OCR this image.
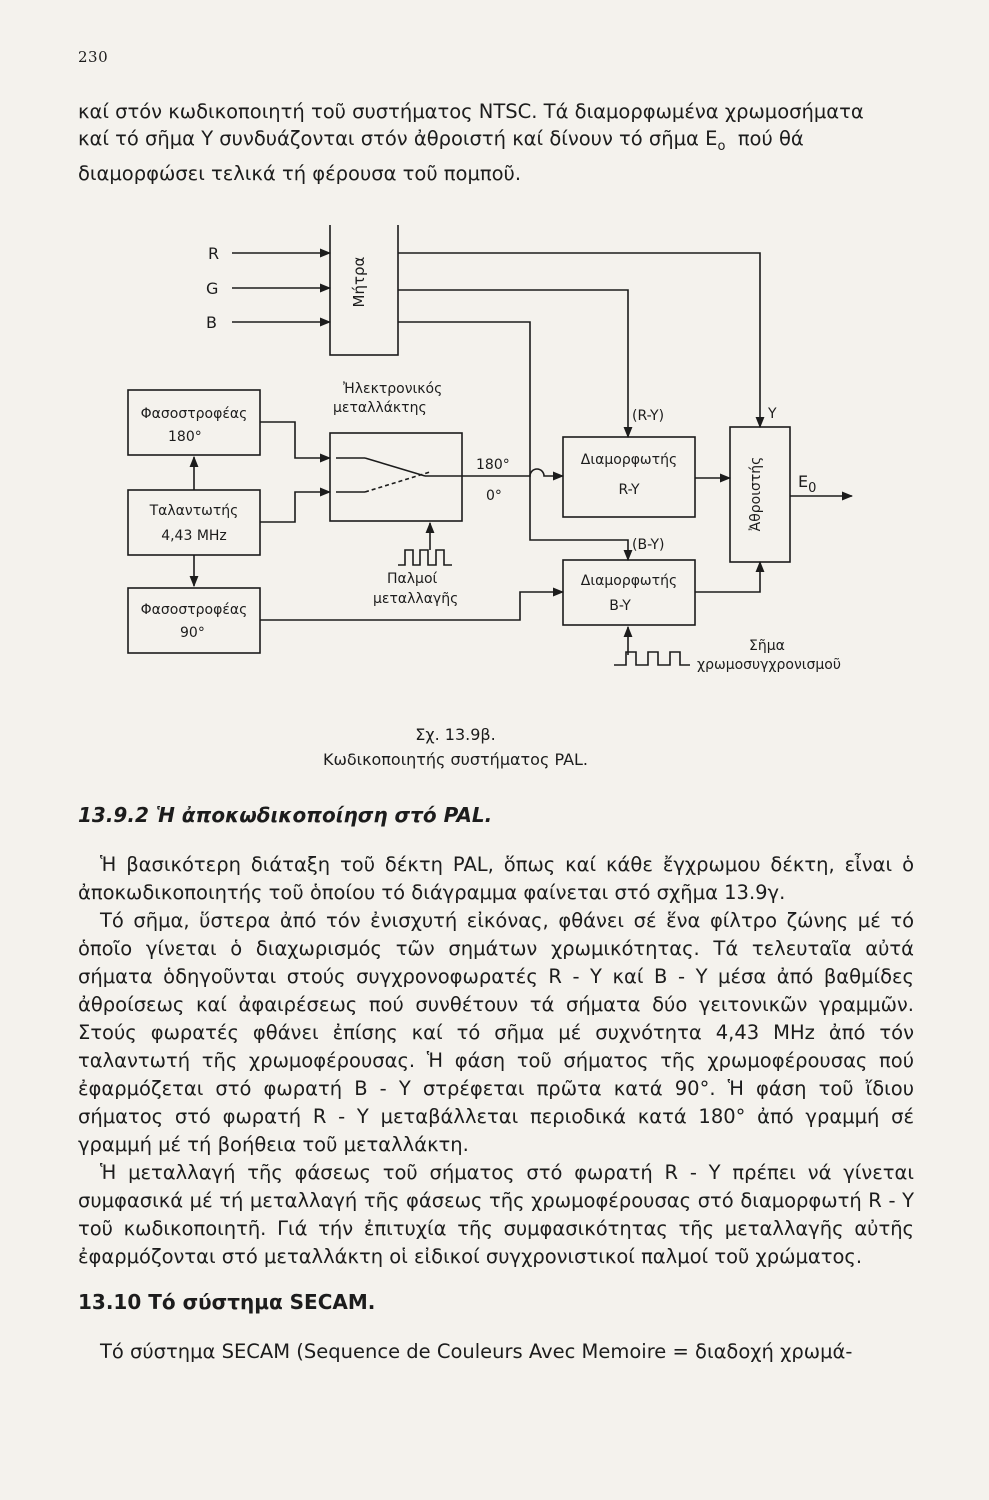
230

καί στόν κωδικοποιητή τοῦ συστήματος NTSC. Τά διαμορφωμένα χρωμοσήματα

καί τό σῆμα Y συνδυάζονται στόν ἀθροιστή καί δίνουν τό σῆμα $E_o$ πού θά

διαμορφώσει τελικά τή φέρουσα τοῦ πομποῦ.

R
G
B
Μήτρα
Ἠλεκτρονικός
μεταλλάκτης
180°
0°
Φασοστροφέας
180°
Ταλαντωτής
4,43 MHz
Φασοστροφέας
90°
Παλμοί
μεταλλαγῆς
Διαμορφωτής
R-Y
Διαμορφωτής
B-Y
(R-Y)
(B-Y)
Y
Ἀθροιστής $E_0$
Σῆμα
χρωμοσυγχρονισμοῦ
Σχ. 13.9β.
Κωδικοποιητής συστήματος PAL.
13.9.2 Ἡ ἀποκωδικοποίηση στό PAL.

Ἡ βασικότερη διάταξη τοῦ δέκτη PAL, ὅπως καί κάθε ἔγχρωμου δέκτη, εἶναι ὁ ἀποκωδικοποιητής τοῦ ὁποίου τό διάγραμμα φαίνεται στό σχῆμα 13.9γ.

Τό σῆμα, ὕστερα ἀπό τόν ἐνισχυτή εἰκόνας, φθάνει σέ ἕνα φίλτρο ζώνης μέ τό ὁποῖο γίνεται ὁ διαχωρισμός τῶν σημάτων χρωμικότητας. Τά τελευταῖα αὐτά σήματα ὁδηγοῦνται στούς συγχρονοφωρατές R - Y καί B - Y μέσα ἀπό βαθμίδες ἀθροίσεως καί ἀφαιρέσεως πού συνθέτουν τά σήματα δύο γειτονικῶν γραμμῶν. Στούς φωρατές φθάνει ἐπίσης καί τό σῆμα μέ συχνότητα 4,43 MHz ἀπό τόν ταλαντωτή τῆς χρωμοφέρουσας. Ἡ φάση τοῦ σήματος τῆς χρωμοφέρουσας πού ἐφαρμόζεται στό φωρατή B - Y στρέφεται πρῶτα κατά 90°. Ἡ φάση τοῦ ἴδιου σήματος στό φωρατή R - Y μεταβάλλεται περιοδικά κατά 180° ἀπό γραμμή σέ γραμμή μέ τή βοήθεια τοῦ μεταλλάκτη.

Ἡ μεταλλαγή τῆς φάσεως τοῦ σήματος στό φωρατή R - Y πρέπει νά γίνεται συμφασικά μέ τή μεταλλαγή τῆς φάσεως τῆς χρωμοφέρουσας στό διαμορφωτή R - Y τοῦ κωδικοποιητῆ. Γιά τήν ἐπιτυχία τῆς συμφασικότητας τῆς μεταλλαγῆς αὐτῆς ἐφαρμόζονται στό μεταλλάκτη οἱ εἰδικοί συγχρονιστικοί παλμοί τοῦ χρώματος.

13.10 Τό σύστημα SECAM.

Τό σύστημα SECAM (Sequence de Couleurs Avec Memoire = διαδοχή χρωμά-
